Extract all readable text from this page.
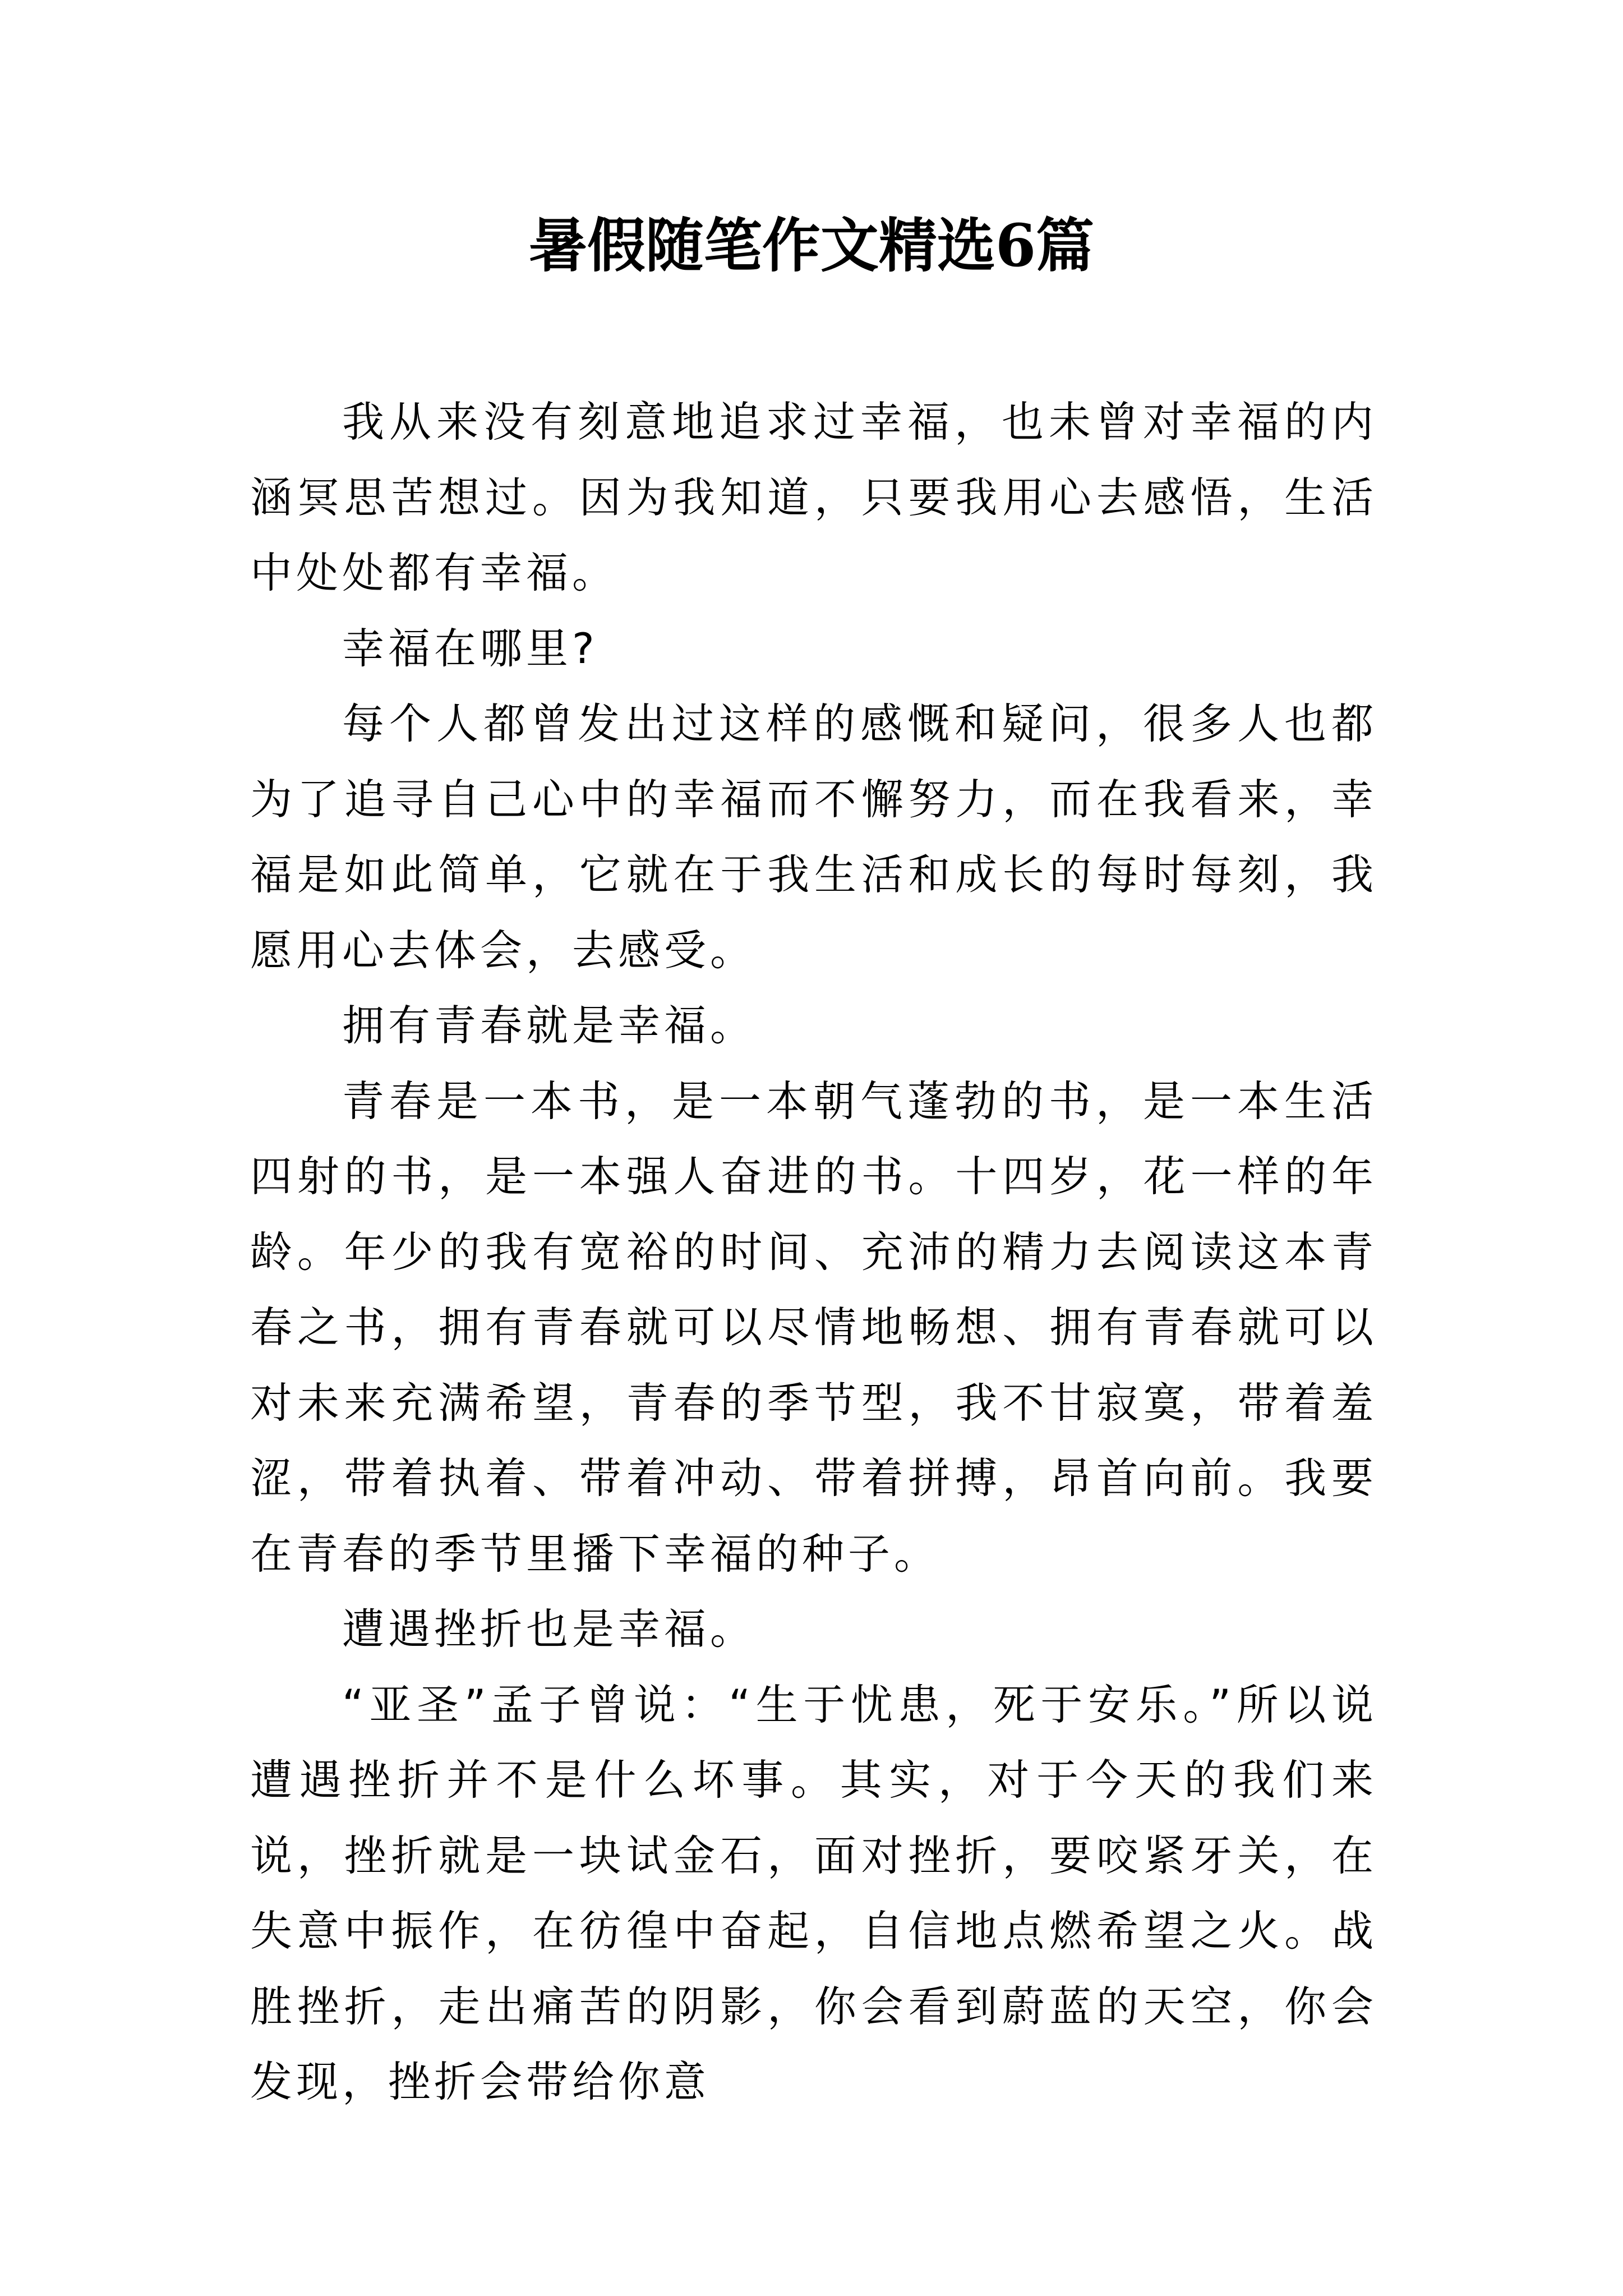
暑假随笔作文精选6篇

我从来没有刻意地追求过幸福，也未曾对幸福的内涵冥思苦想过。因为我知道，只要我用心去感悟，生活中处处都有幸福。

幸福在哪里?

每个人都曾发出过这样的感慨和疑问，很多人也都为了追寻自己心中的幸福而不懈努力，而在我看来，幸福是如此简单，它就在于我生活和成长的每时每刻，我愿用心去体会，去感受。

拥有青春就是幸福。

青春是一本书，是一本朝气蓬勃的书，是一本生活四射的书，是一本强人奋进的书。十四岁，花一样的年龄。年少的我有宽裕的时间、充沛的精力去阅读这本青春之书，拥有青春就可以尽情地畅想、拥有青春就可以对未来充满希望，青春的季节型，我不甘寂寞，带着羞涩，带着执着、带着冲动、带着拼搏，昂首向前。我要在青春的季节里播下幸福的种子。

遭遇挫折也是幸福。

“亚圣”孟子曾说：“生于忧患，死于安乐。”所以说遭遇挫折并不是什么坏事。其实，对于今天的我们来说，挫折就是一块试金石，面对挫折，要咬紧牙关，在失意中振作，在彷徨中奋起，自信地点燃希望之火。战胜挫折，走出痛苦的阴影，你会看到蔚蓝的天空，你会发现，挫折会带给你意
